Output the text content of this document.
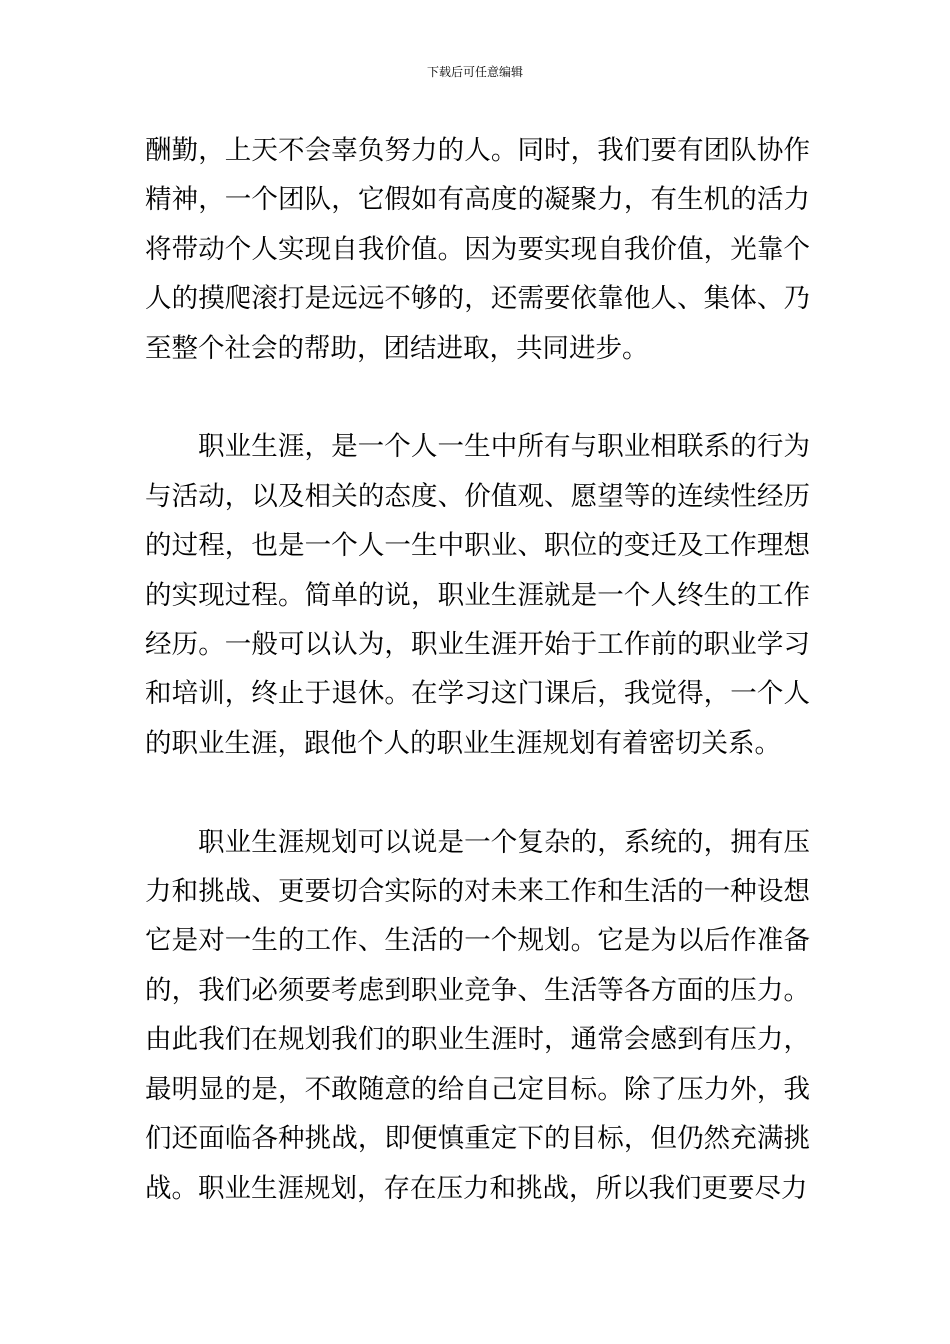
下载后可任意编辑

酬勤，上天不会辜负努力的人。同时，我们要有团队协作精神，一个团队，它假如有高度的凝聚力，有生机的活力将带动个人实现自我价值。因为要实现自我价值，光靠个人的摸爬滚打是远远不够的，还需要依靠他人、集体、乃至整个社会的帮助，团结进取，共同进步。

职业生涯，是一个人一生中所有与职业相联系的行为与活动，以及相关的态度、价值观、愿望等的连续性经历的过程，也是一个人一生中职业、职位的变迁及工作理想的实现过程。简单的说，职业生涯就是一个人终生的工作经历。一般可以认为，职业生涯开始于工作前的职业学习和培训，终止于退休。在学习这门课后，我觉得，一个人的职业生涯，跟他个人的职业生涯规划有着密切关系。

职业生涯规划可以说是一个复杂的，系统的，拥有压力和挑战、更要切合实际的对未来工作和生活的一种设想它是对一生的工作、生活的一个规划。它是为以后作准备的，我们必须要考虑到职业竞争、生活等各方面的压力。由此我们在规划我们的职业生涯时，通常会感到有压力，最明显的是，不敢随意的给自己定目标。除了压力外，我们还面临各种挑战，即便慎重定下的目标，但仍然充满挑战。职业生涯规划，存在压力和挑战，所以我们更要尽力
